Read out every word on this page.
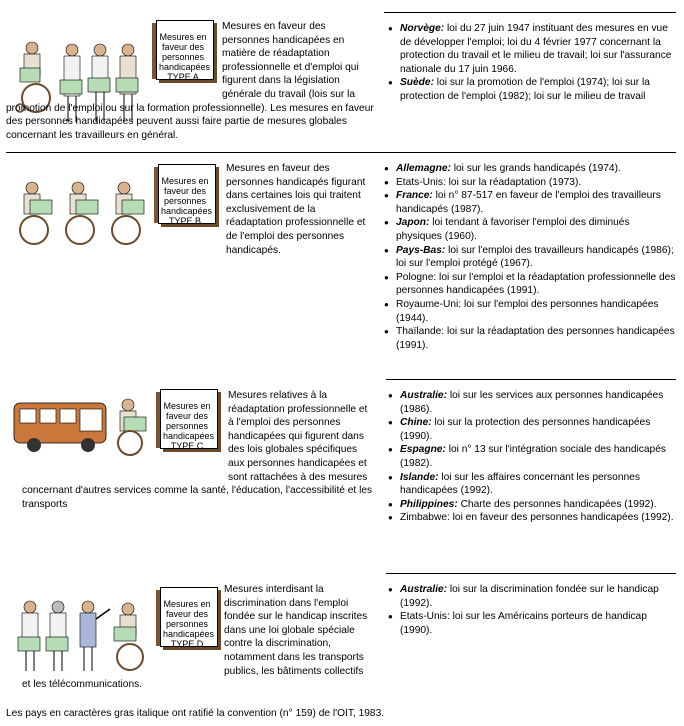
Mesures en
faveur des
personnes
handicapées
TYPE A

Mesures en faveur des personnes handicapées en matière de réadaptation professionnelle et d'emploi qui figurent dans la législation générale du travail (lois sur la promotion de l'emploi ou sur la formation professionnelle). Les mesures en faveur des personnes handicapées peuvent aussi faire partie de mesures globales concernant les travailleurs en général.

● Norvège: loi du 27 juin 1947 instituant des mesures en vue de développer l'emploi; loi du 4 février 1977 concernant la protection du travail et le milieu de travail; loi sur l'assurance nationale du 17 juin 1966.
● Suède: loi sur la promotion de l'emploi (1974); loi sur la protection de l'emploi (1982); loi sur le milieu de travail
Mesures en
faveur des
personnes
handicapées
TYPE B

Mesures en faveur des personnes handicapés figurant dans certaines lois qui traitent exclusivement de la réadaptation professionnelle et de l'emploi des personnes handicapés.

● Allemagne: loi sur les grands handicapés (1974).
● Etats-Unis: loi sur la réadaptation (1973).
● France: loi n° 87-517 en faveur de l'emploi des travailleurs handicapés (1987).
● Japon: loi tendant à favoriser l'emploi des diminués physiques (1960).
● Pays-Bas: loi sur l'emploi des travailleurs handicapés (1986); loi sur l'emploi protégé (1967).
● Pologne: loi sur l'emploi et la réadaptation professionnelle des personnes handicapées (1991).
● Royaume-Uni: loi sur l'emploi des personnes handicapées (1944).
● Thaïlande: loi sur la réadaptation des personnes handicapées (1991).
Mesures en
faveur des
personnes
handicapées
TYPE C

Mesures relatives à la réadaptation professionnelle et à l'emploi des personnes handicapées qui figurent dans des lois globales spécifiques aux personnes handicapées et sont rattachées à des mesures concernant d'autres services comme la santé, l'éducation, l'accessibilité et les transports

● Australie: loi sur les services aux personnes handicapées (1986).
● Chine: loi sur la protection des personnes handicapées (1990).
● Espagne: loi n° 13 sur l'intégration sociale des handicapés (1982).
● Islande: loi sur les affaires concernant les personnes handicapées (1992).
● Philippines: Charte des personnes handicapées (1992).
● Zimbabwe: loi en faveur des personnes handicapées (1992).
Mesures en
faveur des
personnes
handicapées
TYPE D

Mesures interdisant la discrimination dans l'emploi fondée sur le handicap inscrites dans une loi globale spéciale contre la discrimination, notamment dans les transports publics, les bâtiments collectifs et les télécommunications.

● Australie: loi sur la discrimination fondée sur le handicap (1992).
● Etats-Unis: loi sur les Américains porteurs de handicap (1990).
Les pays en caractères gras italique ont ratifié la convention (n° 159) de l'OIT, 1983.
